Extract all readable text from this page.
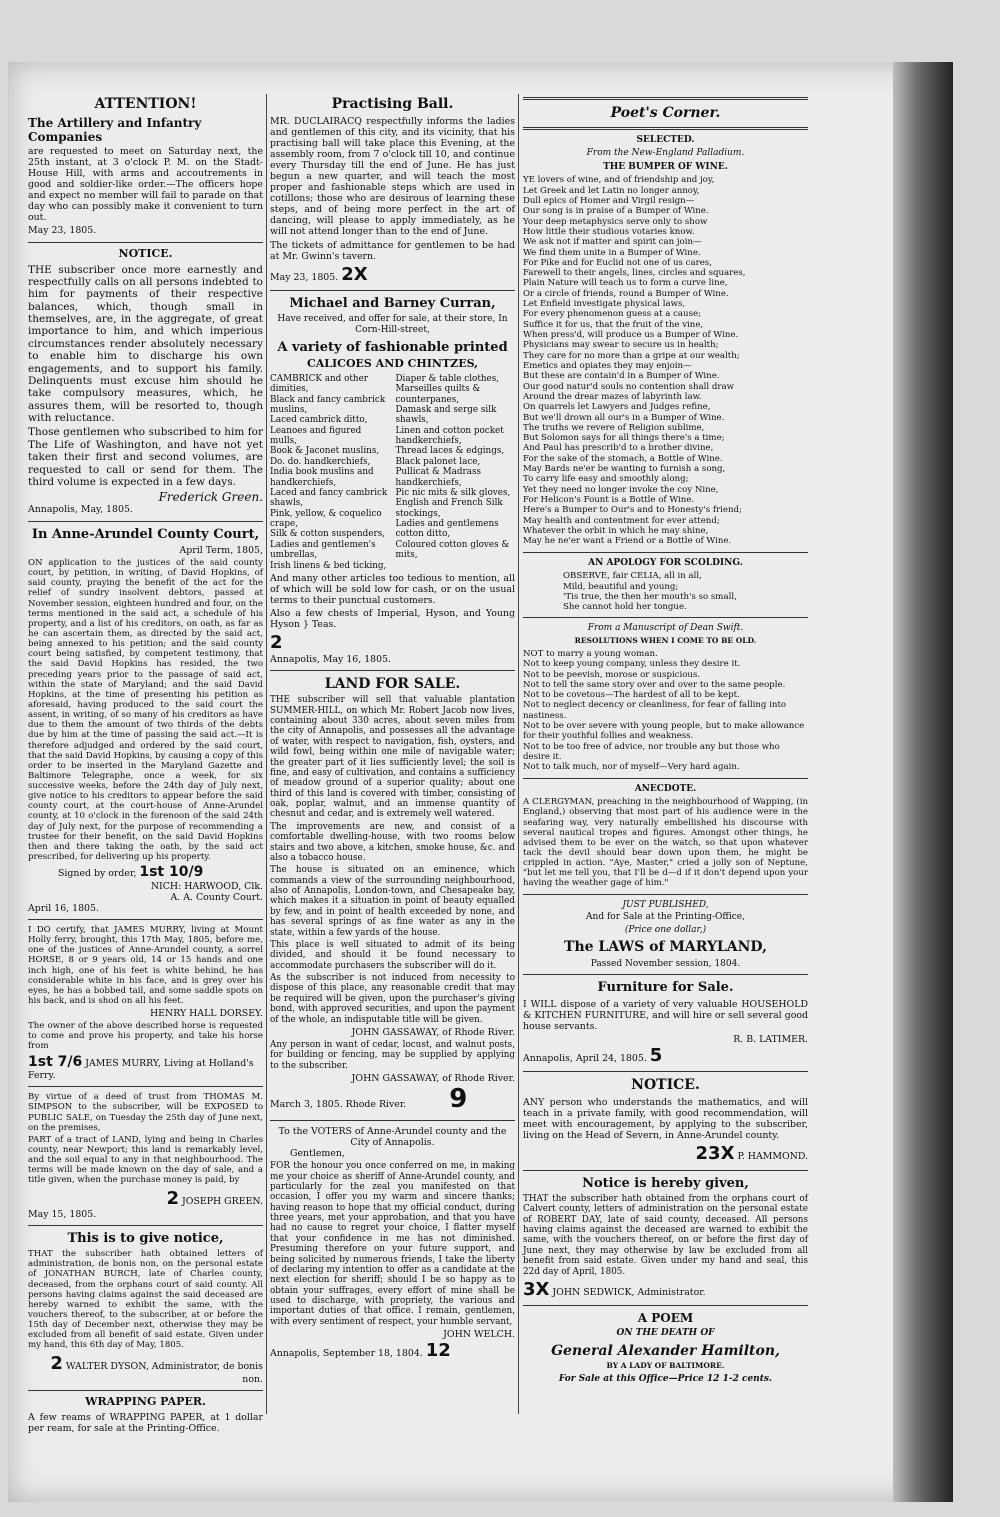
ATTENTION!
The Artillery and Infantry Companies
are requested to meet on Saturday next, the 25th instant, at 3 o'clock P. M. on the Stadt-House Hill, with arms and accoutrements in good and soldier-like order.—The officers hope and expect no member will fail to parade on that day who can possibly make it convenient to turn out.
May 23, 1805.
NOTICE.
THE subscriber once more earnestly and respectfully calls on all persons indebted to him for payments of their respective balances, which, though small in themselves, are, in the aggregate, of great importance to him, and which imperious circumstances render absolutely necessary to enable him to discharge his own engagements, and to support his family. Delinquents must excuse him should he take compulsory measures, which, he assures them, will be resorted to, though with reluctance.
Those gentlemen who subscribed to him for The Life of Washington, and have not yet taken their first and second volumes, are requested to call or send for them. The third volume is expected in a few days.
Frederick Green.
Annapolis, May, 1805.
In Anne-Arundel County Court,
April Term, 1805,
ON application to the justices of the said county court, by petition, in writing, of David Hopkins, of said county, praying the benefit of the act for the relief of sundry insolvent debtors, passed at November session, eighteen hundred and four, on the terms mentioned in the said act, a schedule of his property, and a list of his creditors, on oath, as far as he can ascertain them, as directed by the said act, being annexed to his petition; and the said county court being satisfied, by competent testimony, that the said David Hopkins has resided, the two preceding years prior to the passage of said act, within the state of Maryland; and the said David Hopkins, at the time of presenting his petition as aforesaid, having produced to the said court the assent, in writing, of so many of his creditors as have due to them the amount of two thirds of the debts due by him at the time of passing the said act.—It is therefore adjudged and ordered by the said court, that the said David Hopkins, by causing a copy of this order to be inserted in the Maryland Gazette and Baltimore Telegraphe, once a week, for six successive weeks, before the 24th day of July next, give notice to his creditors to appear before the said county court, at the court-house of Anne-Arundel county, at 10 o'clock in the forenoon of the said 24th day of July next, for the purpose of recommending a trustee for their benefit, on the said David Hopkins then and there taking the oath, by the said act prescribed, for delivering up his property.
Signed by order, 1st 10/9
NICH: HARWOOD, Clk.
A. A. County Court.
April 16, 1805.
I DO certify, that JAMES MURRY, living at Mount Holly ferry, brought, this 17th May, 1805, before me, one of the justices of Anne-Arundel county, a sorrel HORSE, 8 or 9 years old, 14 or 15 hands and one inch high, one of his feet is white behind, he has considerable white in his face, and is grey over his eyes, he has a bobbed tail, and some saddle spots on his back, and is shod on all his feet.
HENRY HALL DORSEY.
The owner of the above described horse is requested to come and prove his property, and take his horse from
1st 7/6 JAMES MURRY, Living at Holland's Ferry.
By virtue of a deed of trust from THOMAS M. SIMPSON to the subscriber, will be EXPOSED to PUBLIC SALE, on Tuesday the 25th day of June next, on the premises,
PART of a tract of LAND, lying and being in Charles county, near Newport; this land is remarkably level, and the soil equal to any in that neighbourhood. The terms will be made known on the day of sale, and a title given, when the purchase money is paid, by
2 JOSEPH GREEN.
May 15, 1805.
This is to give notice,
THAT the subscriber hath obtained letters of administration, de bonis non, on the personal estate of JONATHAN BURCH, late of Charles county, deceased, from the orphans court of said county. All persons having claims against the said deceased are hereby warned to exhibit the same, with the vouchers thereof, to the subscriber, at or before the 15th day of December next, otherwise they may be excluded from all benefit of said estate. Given under my hand, this 6th day of May, 1805.
2 WALTER DYSON, Administrator, de bonis non.
WRAPPING PAPER.
A few reams of WRAPPING PAPER, at 1 dollar per ream, for sale at the Printing-Office.
Practising Ball.
MR. DUCLAIRACQ respectfully informs the ladies and gentlemen of this city, and its vicinity, that his practising ball will take place this Evening, at the assembly room, from 7 o'clock till 10, and continue every Thursday till the end of June. He has just begun a new quarter, and will teach the most proper and fashionable steps which are used in cotillons; those who are desirous of learning these steps, and of being more perfect in the art of dancing, will please to apply immediately, as he will not attend longer than to the end of June.
The tickets of admittance for gentlemen to be had at Mr. Gwinn's tavern.
May 23, 1805. 2X
Michael and Barney Curran,
Have received, and offer for sale, at their store, In Corn-Hill-street,
A variety of fashionable printed
CALICOES AND CHINTZES,
CAMBRICK and other dimities,
Black and fancy cambrick muslins,
Laced cambrick ditto,
Leanoes and figured mulls,
Book & Jaconet muslins,
Do. do. handkerchiefs,
India book muslins and handkerchiefs,
Laced and fancy cambrick shawls,
Pink, yellow, & coquelico crape,
Silk & cotton suspenders,
Ladies and gentlemen's umbrellas,
Irish linens & bed ticking,
Diaper & table clothes,
Marseilles quilts & counterpanes,
Damask and serge silk shawls,
Linen and cotton pocket handkerchiefs,
Thread laces & edgings,
Black palonet lace,
Pullicat & Madrass handkerchiefs,
Pic nic mits & silk gloves,
English and French Silk stockings,
Ladies and gentlemens cotton ditto,
Coloured cotton gloves & mits,
And many other articles too tedious to mention, all of which will be sold low for cash, or on the usual terms to their punctual customers.
Also a few chests of Imperial, Hyson, and Young Hyson } Teas.
2
Annapolis, May 16, 1805.
LAND FOR SALE.
THE subscriber will sell that valuable plantation SUMMER-HILL, on which Mr. Robert Jacob now lives, containing about 330 acres, about seven miles from the city of Annapolis, and possesses all the advantage of water, with respect to navigation, fish, oysters, and wild fowl, being within one mile of navigable water; the greater part of it lies sufficiently level; the soil is fine, and easy of cultivation, and contains a sufficiency of meadow ground of a superior quality; about one third of this land is covered with timber, consisting of oak, poplar, walnut, and an immense quantity of chesnut and cedar, and is extremely well watered.
The improvements are new, and consist of a comfortable dwelling-house, with two rooms below stairs and two above, a kitchen, smoke house, &c. and also a tobacco house.
The house is situated on an eminence, which commands a view of the surrounding neighbourhood, also of Annapolis, London-town, and Chesapeake bay, which makes it a situation in point of beauty equalled by few, and in point of health exceeded by none, and has several springs of as fine water as any in the state, within a few yards of the house.
This place is well situated to admit of its being divided, and should it be found necessary to accommodate purchasers the subscriber will do it.
As the subscriber is not induced from necessity to dispose of this place, any reasonable credit that may be required will be given, upon the purchaser's giving bond, with approved securities, and upon the payment of the whole, an indisputable title will be given.
JOHN GASSAWAY, of Rhode River.
Any person in want of cedar, locust, and walnut posts, for building or fencing, may be supplied by applying to the subscriber.
JOHN GASSAWAY, of Rhode River.
March 3, 1805. Rhode River. 9
To the VOTERS of Anne-Arundel county and the City of Annapolis.
Gentlemen,
FOR the honour you once conferred on me, in making me your choice as sheriff of Anne-Arundel county, and particularly for the zeal you manifested on that occasion, I offer you my warm and sincere thanks; having reason to hope that my official conduct, during three years, met your approbation, and that you have had no cause to regret your choice, I flatter myself that your confidence in me has not diminished. Presuming therefore on your future support, and being solicited by numerous friends, I take the liberty of declaring my intention to offer as a candidate at the next election for sheriff; should I be so happy as to obtain your suffrages, every effort of mine shall be used to discharge, with propriety, the various and important duties of that office. I remain, gentlemen, with every sentiment of respect, your humble servant,
JOHN WELCH.
Annapolis, September 18, 1804. 12
Poet's Corner.
SELECTED.
From the New-England Palladium.
THE BUMPER OF WINE.
YE lovers of wine, and of friendship and joy,
Let Greek and let Latin no longer annoy,
Dull epics of Homer and Virgil resign—
Our song is in praise of a Bumper of Wine.
Your deep metaphysics serve only to show
How little their studious votaries know.
We ask not if matter and spirit can join—
We find them unite in a Bumper of Wine.
For Pike and for Euclid not one of us cares,
Farewell to their angels, lines, circles and squares,
Plain Nature will teach us to form a curve line,
Or a circle of friends, round a Bumper of Wine.
Let Enfield investigate physical laws,
For every phenomenon guess at a cause;
Suffice it for us, that the fruit of the vine,
When press'd, will produce us a Bumper of Wine.
Physicians may swear to secure us in health;
They care for no more than a gripe at our wealth;
Emetics and opiates they may enjoin—
But these are contain'd in a Bumper of Wine.
Our good natur'd souls no contention shall draw
Around the drear mazes of labyrinth law.
On quarrels let Lawyers and Judges refine,
But we'll drown all our's in a Bumper of Wine.
The truths we revere of Religion sublime,
But Solomon says for all things there's a time;
And Paul has prescrib'd to a brother divine,
For the sake of the stomach, a Bottle of Wine.
May Bards ne'er be wanting to furnish a song,
To carry life easy and smoothly along;
Yet they need no longer invoke the coy Nine,
For Helicon's Fount is a Bottle of Wine.
Here's a Bumper to Our's and to Honesty's friend;
May health and contentment for ever attend;
Whatever the orbit in which he may shine,
May he ne'er want a Friend or a Bottle of Wine.
AN APOLOGY FOR SCOLDING.
OBSERVE, fair CELIA, all in all,
Mild, beautiful and young;
'Tis true, the then her mouth's so small,
She cannot hold her tongue.
From a Manuscript of Dean Swift.
RESOLUTIONS WHEN I COME TO BE OLD.
NOT to marry a young woman.
Not to keep young company, unless they desire it.
Not to be peevish, morose or suspicious.
Not to tell the same story over and over to the same people.
Not to be covetous—The hardest of all to be kept.
Not to neglect decency or cleanliness, for fear of falling into nastiness.
Not to be over severe with young people, but to make allowance for their youthful follies and weakness.
Not to be too free of advice, nor trouble any but those who desire it.
Not to talk much, nor of myself—Very hard again.
ANECDOTE.
A CLERGYMAN, preaching in the neighbourhood of Wapping, (in England,) observing that most part of his audience were in the seafaring way, very naturally embellished his discourse with several nautical tropes and figures. Amongst other things, he advised them to be ever on the watch, so that upon whatever tack the devil should bear down upon them, he might be crippled in action. "Aye, Master," cried a jolly son of Neptune, "but let me tell you, that I'll be d—d if it don't depend upon your having the weather gage of him."
JUST PUBLISHED,
And for Sale at the Printing-Office,
(Price one dollar,)
The LAWS of MARYLAND,
Passed November session, 1804.
Furniture for Sale.
I WILL dispose of a variety of very valuable HOUSEHOLD & KITCHEN FURNITURE, and will hire or sell several good house servants.
R. B. LATIMER.
Annapolis, April 24, 1805. 5
NOTICE.
ANY person who understands the mathematics, and will teach in a private family, with good recommendation, will meet with encouragement, by applying to the subscriber, living on the Head of Severn, in Anne-Arundel county.
23X P. HAMMOND.
Notice is hereby given,
THAT the subscriber hath obtained from the orphans court of Calvert county, letters of administration on the personal estate of ROBERT DAY, late of said county, deceased. All persons having claims against the deceased are warned to exhibit the same, with the vouchers thereof, on or before the first day of June next, they may otherwise by law be excluded from all benefit from said estate. Given under my hand and seal, this 22d day of April, 1805.
3X JOHN SEDWICK, Administrator.
A POEM
ON THE DEATH OF
General Alexander Hamilton,
BY A LADY OF BALTIMORE.
For Sale at this Office—Price 12 1-2 cents.
